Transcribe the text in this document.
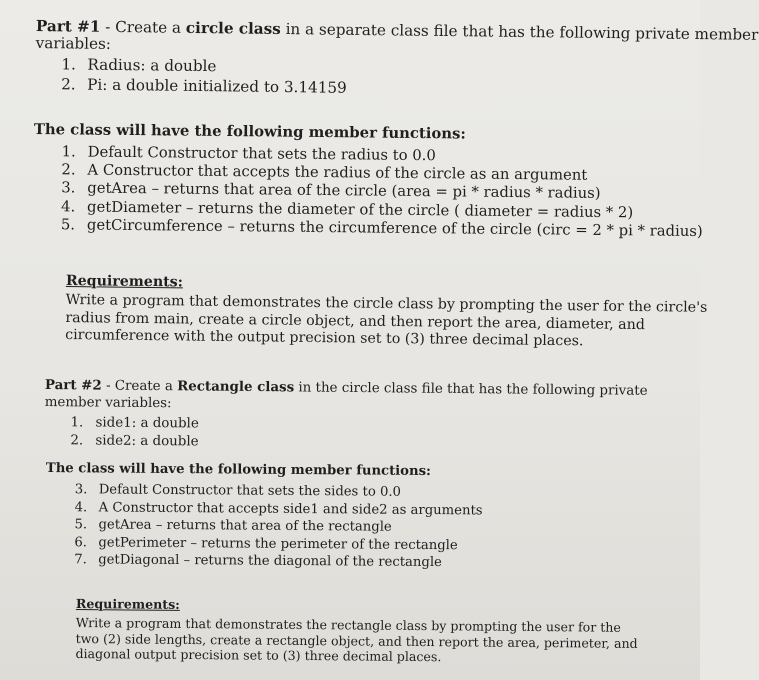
Part #1 - Create a circle class in a separate class file that has the following private member
variables:
1. Radius: a double
2. Pi: a double initialized to 3.14159
The class will have the following member functions:
1. Default Constructor that sets the radius to 0.0
2. A Constructor that accepts the radius of the circle as an argument
3. getArea – returns that area of the circle (area = pi * radius * radius)
4. getDiameter – returns the diameter of the circle ( diameter = radius * 2)
5. getCircumference – returns the circumference of the circle (circ = 2 * pi * radius)
Requirements:
Write a program that demonstrates the circle class by prompting the user for the circle's
radius from main, create a circle object, and then report the area, diameter, and
circumference with the output precision set to (3) three decimal places.
Part #2 - Create a Rectangle class in the circle class file that has the following private
member variables:
1. side1: a double
2. side2: a double
The class will have the following member functions:
3. Default Constructor that sets the sides to 0.0
4. A Constructor that accepts side1 and side2 as arguments
5. getArea – returns that area of the rectangle
6. getPerimeter – returns the perimeter of the rectangle
7. getDiagonal – returns the diagonal of the rectangle
Requirements:
Write a program that demonstrates the rectangle class by prompting the user for the
two (2) side lengths, create a rectangle object, and then report the area, perimeter, and
diagonal output precision set to (3) three decimal places.
